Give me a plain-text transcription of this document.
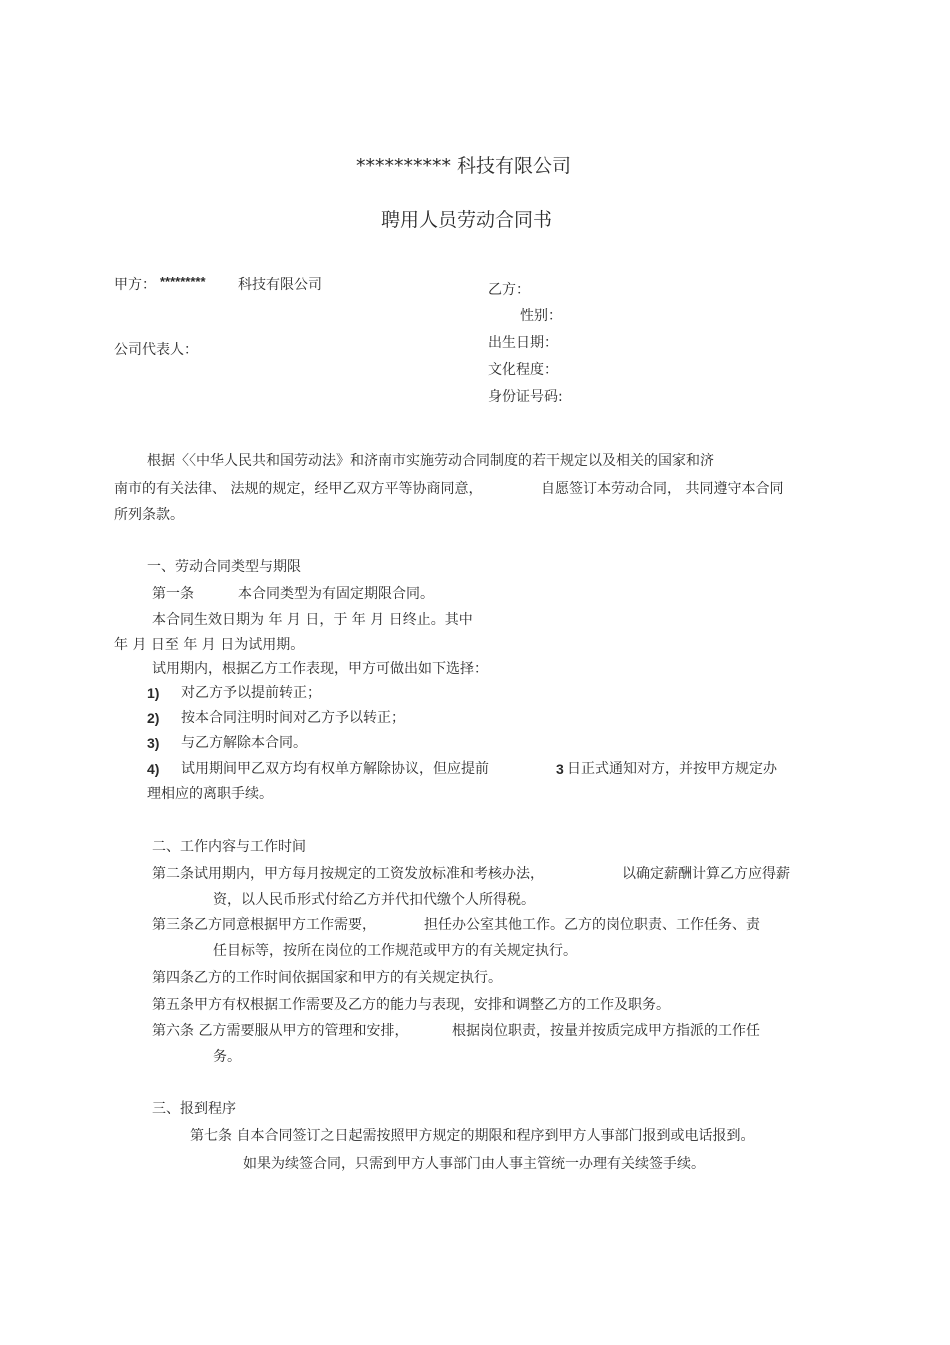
********** 科技有限公司
聘用人员劳动合同书
甲方： ********* 科技有限公司
公司代表人：
乙方：
性别：
出生日期：
文化程度：
身份证号码:
根据〈〈中华人民共和国劳动法》和济南市实施劳动合同制度的若干规定以及相关的国家和济
南市的有关法律、 法规的规定，经甲乙双方平等协商同意，	自愿签订本劳动合同， 共同遵守本合同
所列条款。
一、劳动合同类型与期限
第一条	本合同类型为有固定期限合同。
本合同生效日期为 年 月 日，于 年 月 日终止。其中
年 月 日至 年 月 日为试用期。
试用期内，根据乙方工作表现，甲方可做出如下选择：
1) 对乙方予以提前转正；
2) 按本合同注明时间对乙方予以转正；
3) 与乙方解除本合同。
4) 试用期间甲乙双方均有权单方解除协议，但应提前	3 日正式通知对方，并按甲方规定办
理相应的离职手续。
二、工作内容与工作时间
第二条试用期内，甲方每月按规定的工资发放标准和考核办法，	以确定薪酬计算乙方应得薪
资，以人民币形式付给乙方并代扣代缴个人所得税。
第三条乙方同意根据甲方工作需要，	担任办公室其他工作。乙方的岗位职责、工作任务、责
任目标等，按所在岗位的工作规范或甲方的有关规定执行。
第四条乙方的工作时间依据国家和甲方的有关规定执行。
第五条甲方有权根据工作需要及乙方的能力与表现，安排和调整乙方的工作及职务。
第六条 乙方需要服从甲方的管理和安排，	根据岗位职责，按量并按质完成甲方指派的工作任
务。
三、报到程序
第七条 自本合同签订之日起需按照甲方规定的期限和程序到甲方人事部门报到或电话报到。
如果为续签合同，只需到甲方人事部门由人事主管统一办理有关续签手续。
